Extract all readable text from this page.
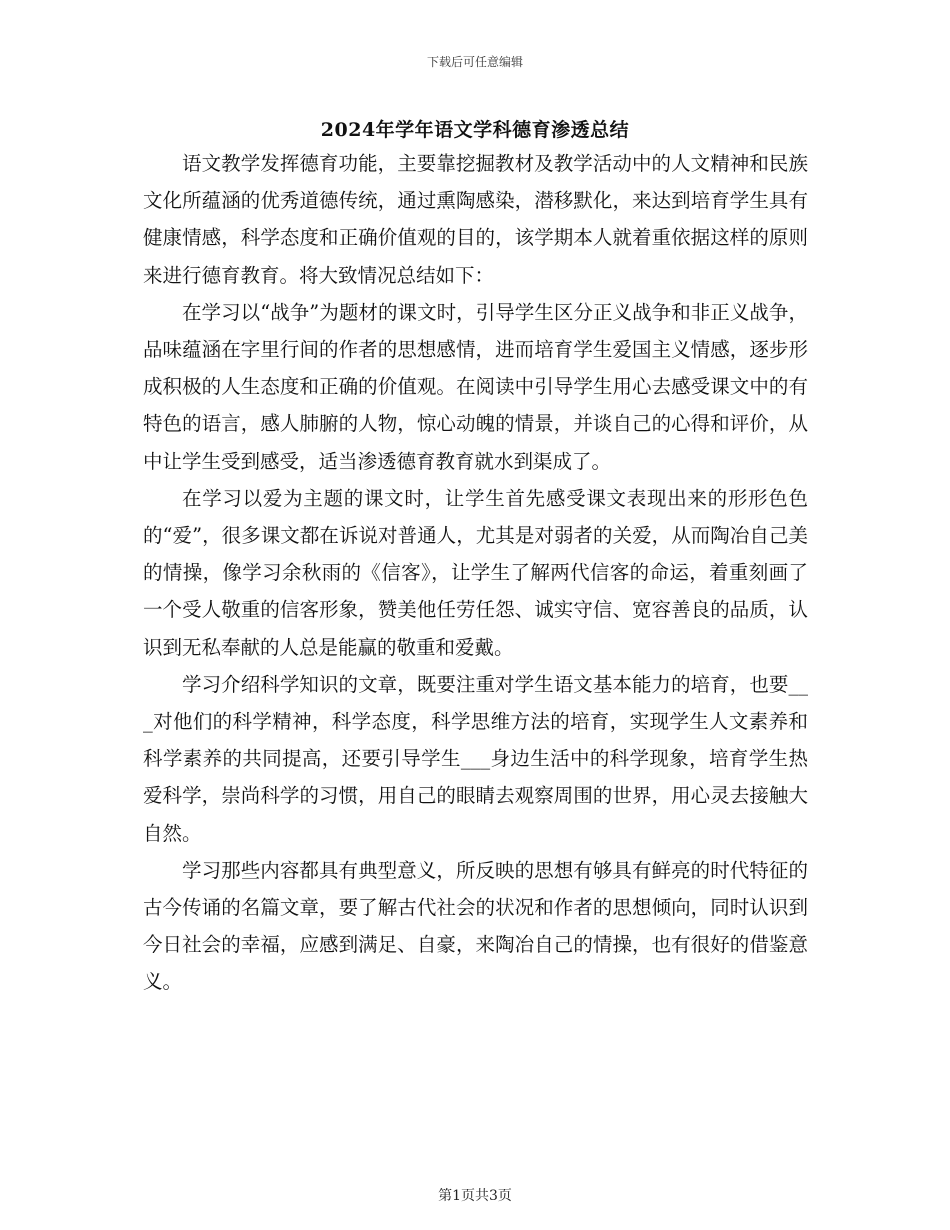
下载后可任意编辑
2024年学年语文学科德育渗透总结

语文教学发挥德育功能，主要靠挖掘教材及教学活动中的人文精神和民族文化所蕴涵的优秀道德传统，通过熏陶感染，潜移默化，来达到培育学生具有健康情感，科学态度和正确价值观的目的，该学期本人就着重依据这样的原则来进行德育教育。将大致情况总结如下：

在学习以“战争”为题材的课文时，引导学生区分正义战争和非正义战争，品味蕴涵在字里行间的作者的思想感情，进而培育学生爱国主义情感，逐步形成积极的人生态度和正确的价值观。在阅读中引导学生用心去感受课文中的有特色的语言，感人肺腑的人物，惊心动魄的情景，并谈自己的心得和评价，从中让学生受到感受，适当渗透德育教育就水到渠成了。

在学习以爱为主题的课文时，让学生首先感受课文表现出来的形形色色的“爱”，很多课文都在诉说对普通人，尤其是对弱者的关爱，从而陶冶自己美的情操，像学习余秋雨的《信客》，让学生了解两代信客的命运，着重刻画了一个受人敬重的信客形象，赞美他任劳任怨、诚实守信、宽容善良的品质，认识到无私奉献的人总是能赢的敬重和爱戴。

学习介绍科学知识的文章，既要注重对学生语文基本能力的培育，也要___对他们的科学精神，科学态度，科学思维方法的培育，实现学生人文素养和科学素养的共同提高，还要引导学生___身边生活中的科学现象，培育学生热爱科学，崇尚科学的习惯，用自己的眼睛去观察周围的世界，用心灵去接触大自然。

学习那些内容都具有典型意义，所反映的思想有够具有鲜亮的时代特征的古今传诵的名篇文章，要了解古代社会的状况和作者的思想倾向，同时认识到今日社会的幸福，应感到满足、自豪，来陶冶自己的情操，也有很好的借鉴意义。

第1页共3页
